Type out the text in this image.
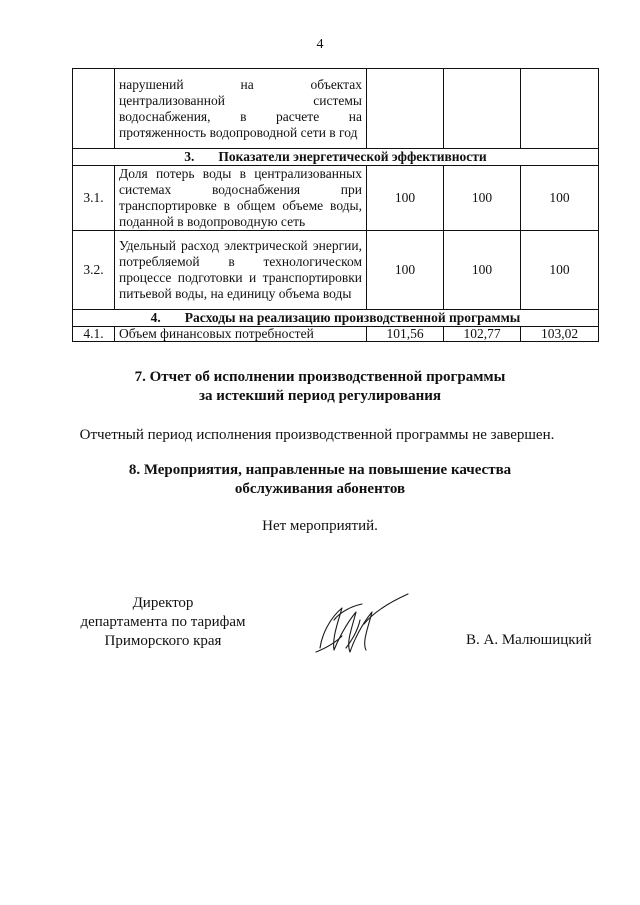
4
	нарушений на объектах централизованной системы водоснабжения, в расчете на протяженность водопроводной сети в год			
3. Показатели энергетической эффективности				
3.1.	Доля потерь воды в централизованных системах водоснабжения при транспортировке в общем объеме воды, поданной в водопроводную сеть	100	100	100
3.2.	Удельный расход электрической энергии, потребляемой в технологическом процессе подготовки и транспортировки питьевой воды, на единицу объема воды	100	100	100
4. Расходы на реализацию производственной программы				
4.1.	Объем финансовых потребностей	101,56	102,77	103,02
7. Отчет об исполнении производственной программы
за истекший период регулирования
Отчетный период исполнения производственной программы не завершен.
8. Мероприятия, направленные на повышение качества
обслуживания абонентов
Нет мероприятий.
Директор
департамента по тарифам
Приморского края	В. А. Малюшицкий
